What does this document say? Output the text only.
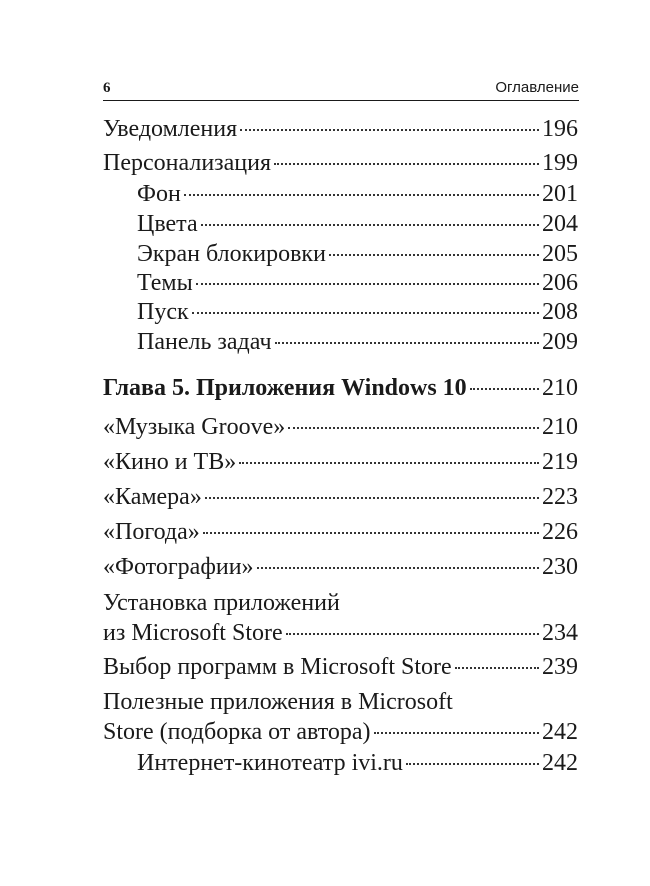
6	Оглавление
Уведомления	196
Персонализация	199
Фон	201
Цвета	204
Экран блокировки	205
Темы	206
Пуск	208
Панель задач	209
Глава 5. Приложения Windows 10	210
«Музыка Groove»	210
«Кино и ТВ»	219
«Камера»	223
«Погода»	226
«Фотографии»	230
Установка приложений
из Microsoft Store	234
Выбор программ в Microsoft Store	239
Полезные приложения в Microsoft
Store (подборка от автора)	242
Интернет-кинотеатр ivi.ru	242
